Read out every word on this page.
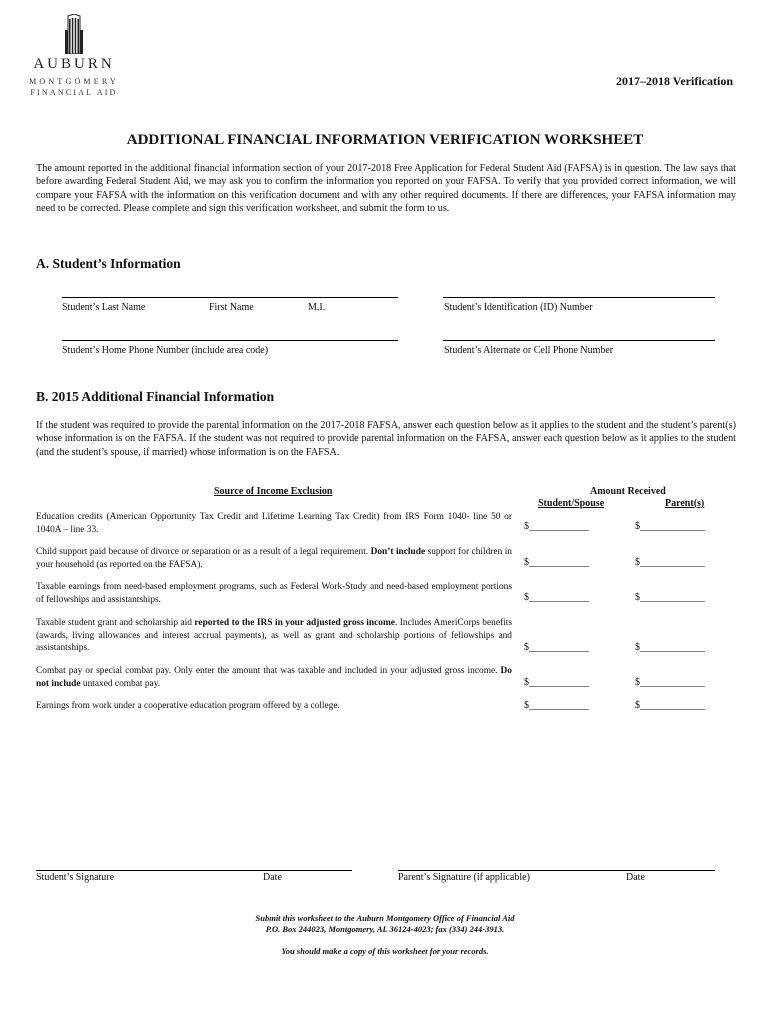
AUBURN
MONTGOMERY
FINANCIAL AID
2017–2018 Verification
ADDITIONAL FINANCIAL INFORMATION VERIFICATION WORKSHEET
The amount reported in the additional financial information section of your 2017-2018 Free Application for Federal Student Aid (FAFSA) is in question. The law says that before awarding Federal Student Aid, we may ask you to confirm the information you reported on your FAFSA. To verify that you provided correct information, we will compare your FAFSA with the information on this verification document and with any other required documents. If there are differences, your FAFSA information may need to be corrected. Please complete and sign this verification worksheet, and submit the form to us.
A. Student’s Information
Student’s Last Name	First Name	M.I.	Student’s Identification (ID) Number
Student’s Home Phone Number (include area code)	Student’s Alternate or Cell Phone Number
B. 2015 Additional Financial Information
If the student was required to provide the parental information on the 2017-2018 FAFSA, answer each question below as it applies to the student and the student’s parent(s) whose information is on the FAFSA. If the student was not required to provide parental information on the FAFSA, answer each question below as it applies to the student (and the student’s spouse, if married) whose information is on the FAFSA.
Source of Income Exclusion	Amount Received
Student/Spouse	Parent(s)
Education credits (American Opportunity Tax Credit and Lifetime Learning Tax Credit) from IRS Form 1040- line 50 or 1040A – line 33.	$____________	$_____________
Child support paid because of divorce or separation or as a result of a legal requirement. Don’t include support for children in your household (as reported on the FAFSA).	$____________	$_____________
Taxable earnings from need-based employment programs, such as Federal Work-Study and need-based employment portions of fellowships and assistantships.	$____________	$_____________
Taxable student grant and scholarship aid reported to the IRS in your adjusted gross income. Includes AmeriCorps benefits (awards, living allowances and interest accrual payments), as well as grant and scholarship portions of fellowships and assistantships.	$____________	$_____________
Combat pay or special combat pay. Only enter the amount that was taxable and included in your adjusted gross income. Do not include untaxed combat pay.	$____________	$_____________
Earnings from work under a cooperative education program offered by a college.	$____________	$_____________
Student’s Signature	Date	Parent’s Signature (if applicable)	Date
Submit this worksheet to the Auburn Montgomery Office of Financial Aid
P.O. Box 244023, Montgomery, AL 36124-4023; fax (334) 244-3913.
You should make a copy of this worksheet for your records.
